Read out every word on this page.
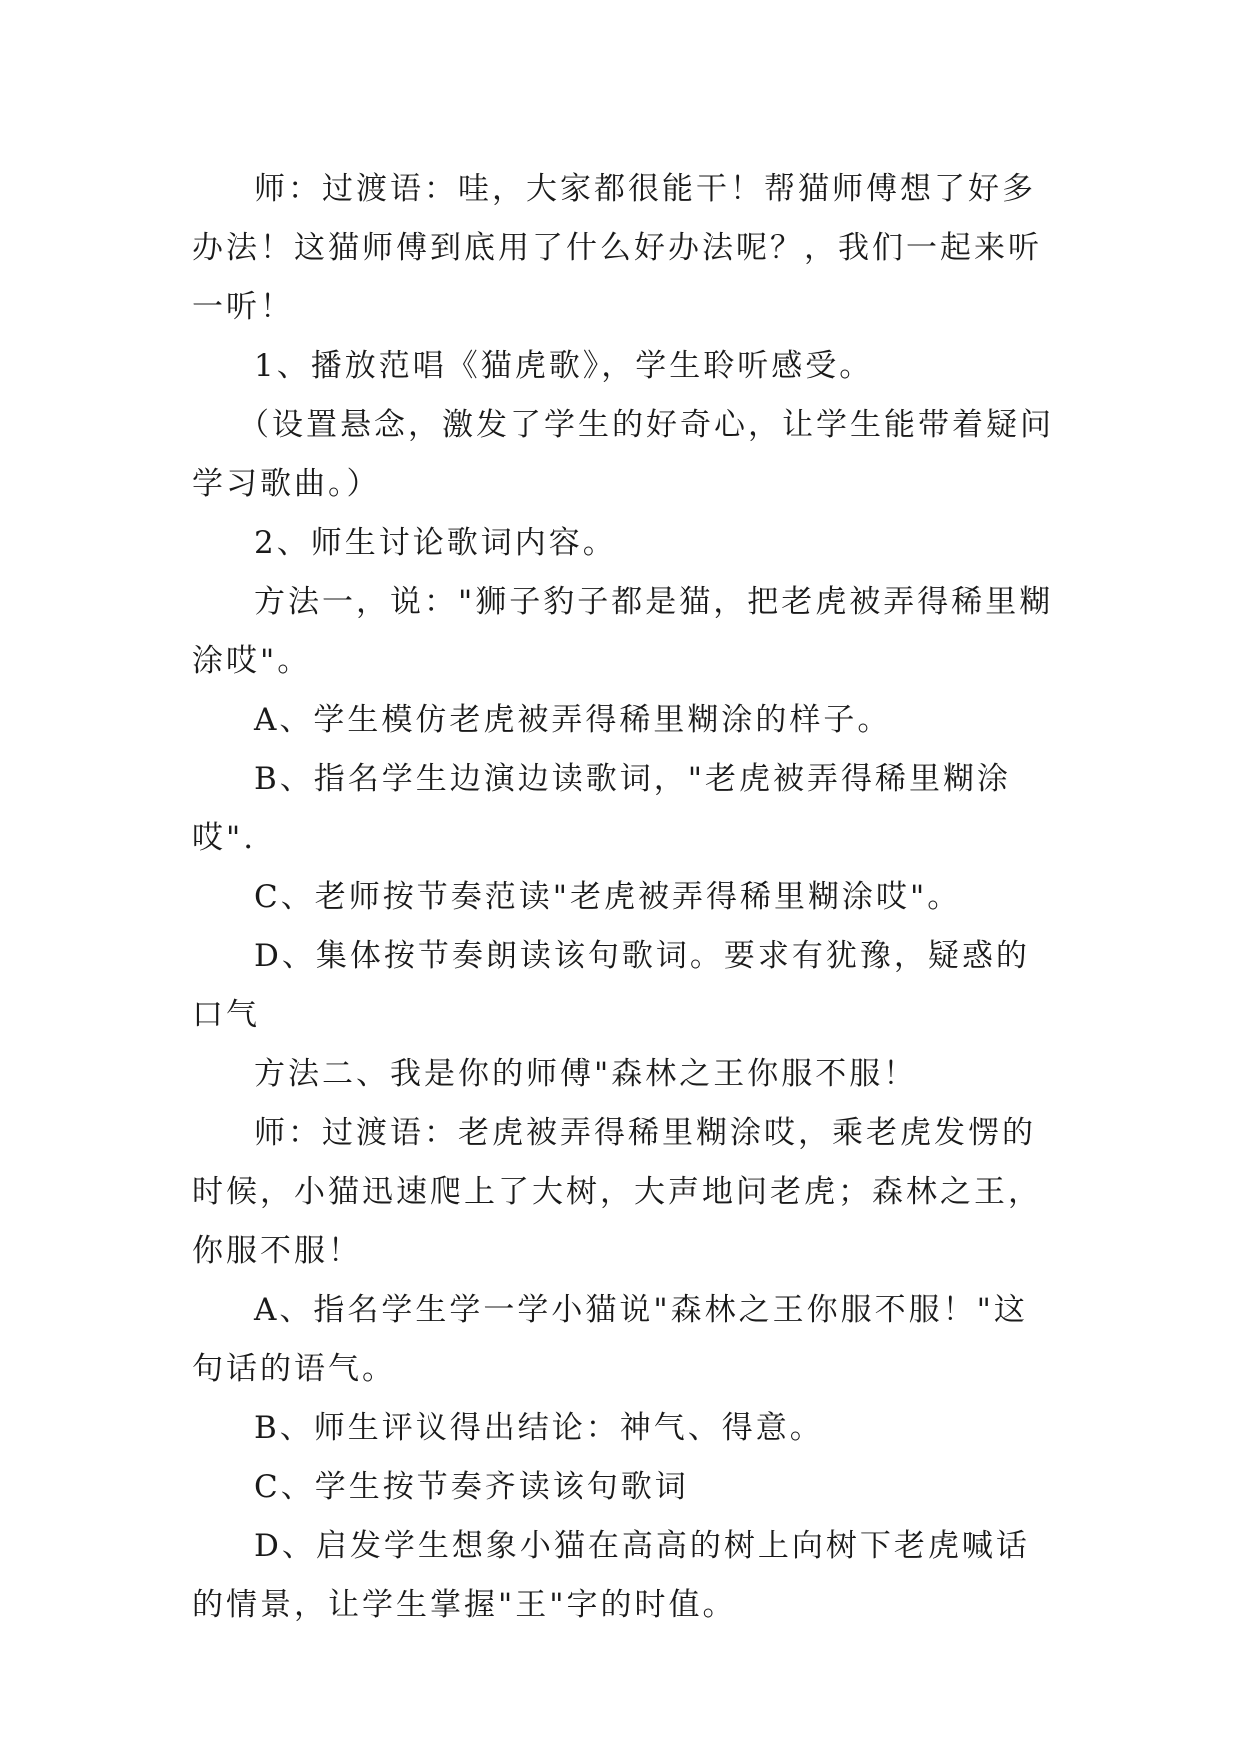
师：过渡语：哇，大家都很能干！帮猫师傅想了好多办法！这猫师傅到底用了什么好办法呢？，我们一起来听一听！

1、播放范唱《猫虎歌》，学生聆听感受。

（设置悬念，激发了学生的好奇心，让学生能带着疑问学习歌曲。）

2、师生讨论歌词内容。

方法一，说："狮子豹子都是猫，把老虎被弄得稀里糊涂哎"。

A、学生模仿老虎被弄得稀里糊涂的样子。

B、指名学生边演边读歌词，"老虎被弄得稀里糊涂哎".

C、老师按节奏范读"老虎被弄得稀里糊涂哎"。

D、集体按节奏朗读该句歌词。要求有犹豫，疑惑的口气

方法二、我是你的师傅"森林之王你服不服！

师：过渡语：老虎被弄得稀里糊涂哎，乘老虎发愣的时候，小猫迅速爬上了大树，大声地问老虎；森林之王，你服不服！

A、指名学生学一学小猫说"森林之王你服不服！"这句话的语气。

B、师生评议得出结论：神气、得意。

C、学生按节奏齐读该句歌词

D、启发学生想象小猫在高高的树上向树下老虎喊话的情景，让学生掌握"王"字的时值。
